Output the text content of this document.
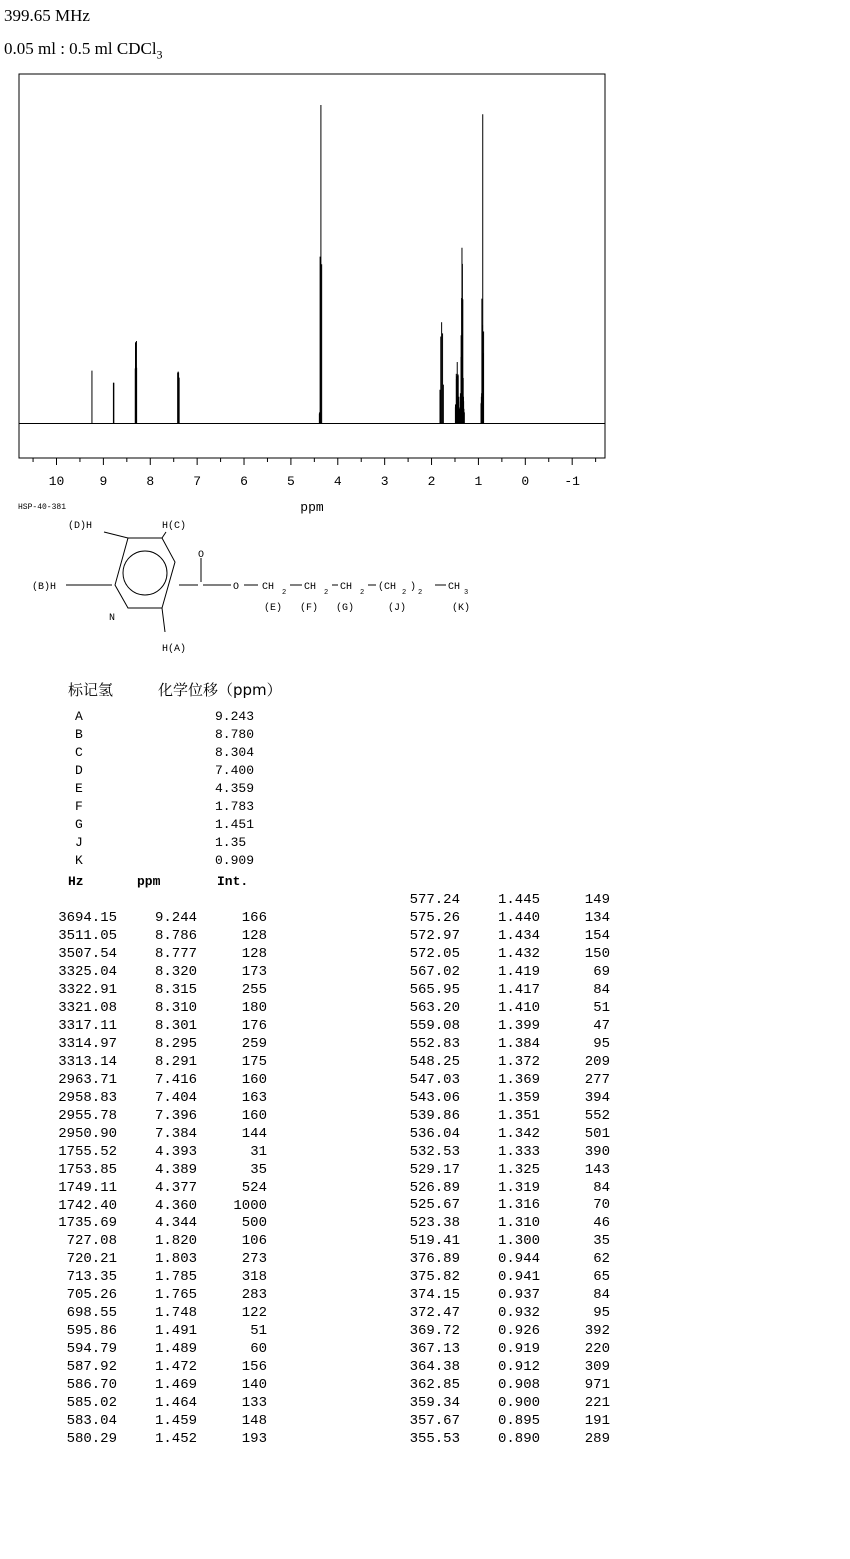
399.65 MHz
0.05 ml : 0.5 ml CDCl$_3$
10	9	8	7	6	5	4	3	2	1	0	-1
ppm
HSP-40-381
(D)H	H(C)
(B)H
H(A)
N
O
O CH	CH CH
2	2	2 (CH 2 ) 2	CH 3
(E) (F) (G)	(J)	(K)
标记氢	化学位移（ppm）
A	9.243
B	8.780
C	8.304
D	7.400
E	4.359
F	1.783
G	1.451
J	1.35
K	0.909
Hz	ppm	Int.
3694.15	9.244	166
3511.05	8.786	128
3507.54	8.777	128
3325.04	8.320	173
3322.91	8.315	255
3321.08	8.310	180
3317.11	8.301	176
3314.97	8.295	259
3313.14	8.291	175
2963.71	7.416	160
2958.83	7.404	163
2955.78	7.396	160
2950.90	7.384	144
1755.52	4.393	31
1753.85	4.389	35
1749.11	4.377	524
1742.40	4.360	1000
1735.69	4.344	500
727.08	1.820	106
720.21	1.803	273
713.35	1.785	318
705.26	1.765	283
698.55	1.748	122
595.86	1.491	51
594.79	1.489	60
587.92	1.472	156
586.70	1.469	140
585.02	1.464	133
583.04	1.459	148
580.29	1.452	193
577.24	1.445	149
575.26	1.440	134
572.97	1.434	154
572.05	1.432	150
567.02	1.419	69
565.95	1.417	84
563.20	1.410	51
559.08	1.399	47
552.83	1.384	95
548.25	1.372	209
547.03	1.369	277
543.06	1.359	394
539.86	1.351	552
536.04	1.342	501
532.53	1.333	390
529.17	1.325	143
526.89	1.319	84
525.67	1.316	70
523.38	1.310	46
519.41	1.300	35
376.89	0.944	62
375.82	0.941	65
374.15	0.937	84
372.47	0.932	95
369.72	0.926	392
367.13	0.919	220
364.38	0.912	309
362.85	0.908	971
359.34	0.900	221
357.67	0.895	191
355.53	0.890	289
